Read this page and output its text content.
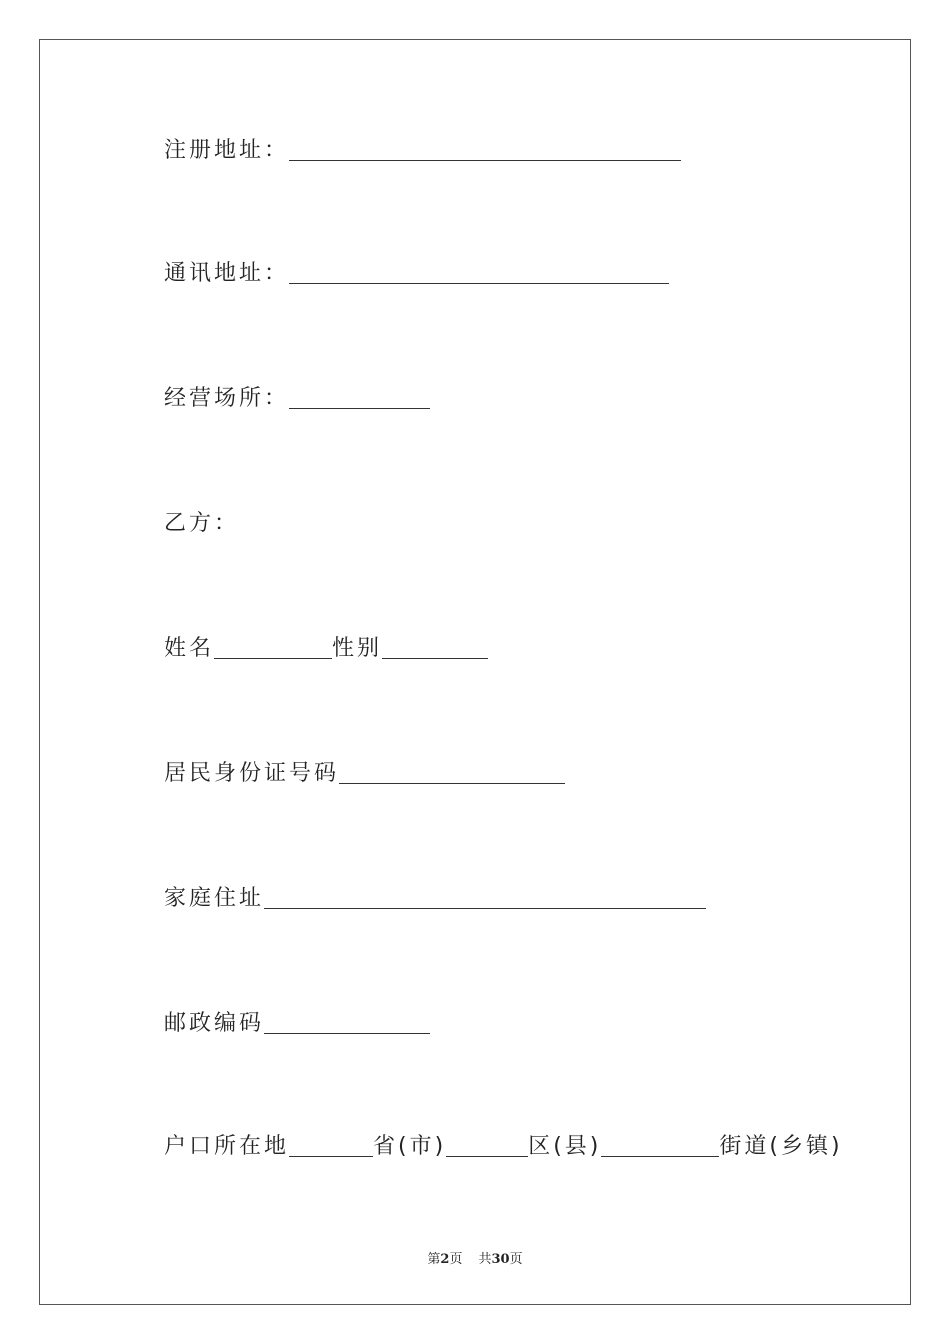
注册地址：
通讯地址：
经营场所：
乙方：
姓名	性别
居民身份证号码
家庭住址
邮政编码
户口所在地	省(市)	区(县)	街道(乡镇)
第2页 共30页
